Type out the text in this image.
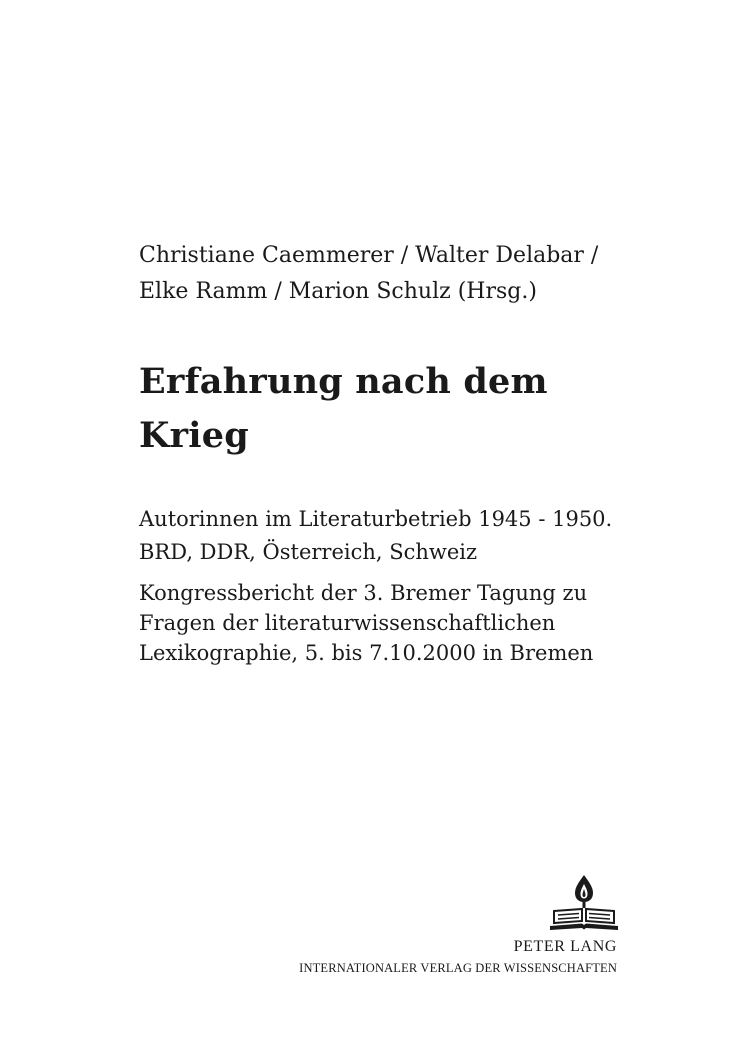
Christiane Caemmerer / Walter Delabar /
Elke Ramm / Marion Schulz (Hrsg.)
Erfahrung nach dem
Krieg
Autorinnen im Literaturbetrieb 1945 - 1950.
BRD, DDR, Österreich, Schweiz
Kongressbericht der 3. Bremer Tagung zu
Fragen der literaturwissenschaftlichen
Lexikographie, 5. bis 7.10.2000 in Bremen
PETER LANG
INTERNATIONALER VERLAG DER WISSENSCHAFTEN
